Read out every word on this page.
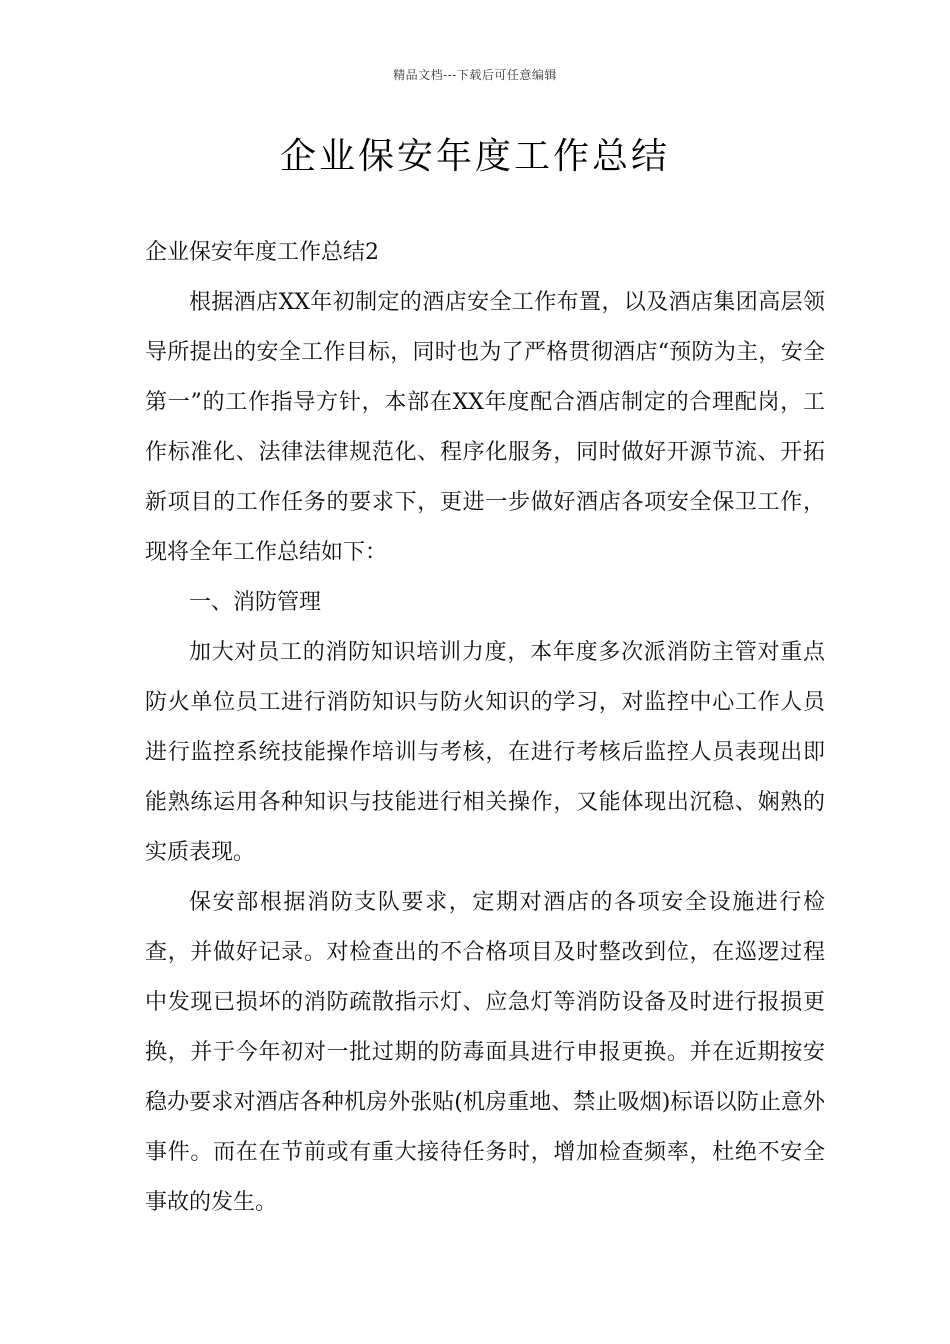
精品文档---下载后可任意编辑
企业保安年度工作总结

企业保安年度工作总结2

根据酒店XX年初制定的酒店安全工作布置，以及酒店集团高层领导所提出的安全工作目标，同时也为了严格贯彻酒店“预防为主，安全第一”的工作指导方针，本部在XX年度配合酒店制定的合理配岗，工作标准化、法律法律规范化、程序化服务，同时做好开源节流、开拓新项目的工作任务的要求下，更进一步做好酒店各项安全保卫工作，现将全年工作总结如下：

一、消防管理

加大对员工的消防知识培训力度，本年度多次派消防主管对重点防火单位员工进行消防知识与防火知识的学习，对监控中心工作人员进行监控系统技能操作培训与考核，在进行考核后监控人员表现出即能熟练运用各种知识与技能进行相关操作，又能体现出沉稳、娴熟的实质表现。

保安部根据消防支队要求，定期对酒店的各项安全设施进行检查，并做好记录。对检查出的不合格项目及时整改到位，在巡逻过程中发现已损坏的消防疏散指示灯、应急灯等消防设备及时进行报损更换，并于今年初对一批过期的防毒面具进行申报更换。并在近期按安稳办要求对酒店各种机房外张贴(机房重地、禁止吸烟)标语以防止意外事件。而在在节前或有重大接待任务时，增加检查频率，杜绝不安全事故的发生。
